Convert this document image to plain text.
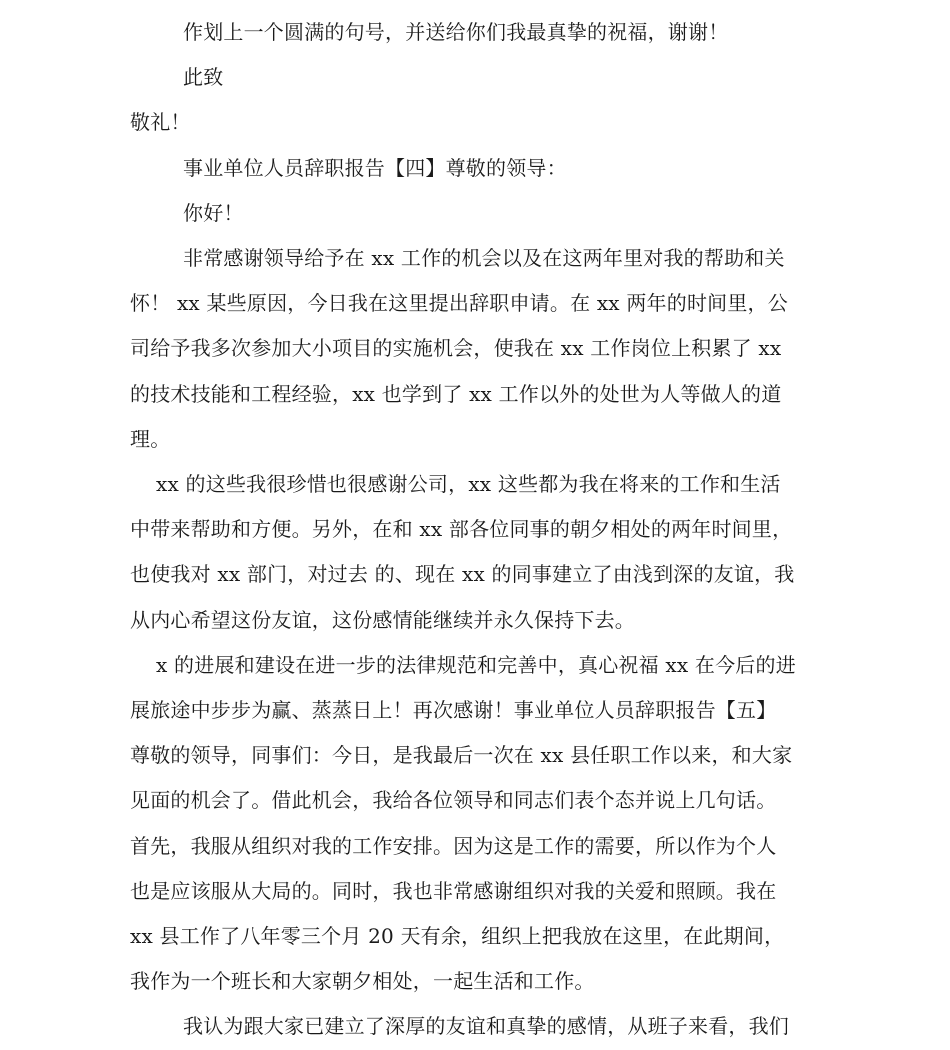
作划上一个圆满的句号，并送给你们我最真挚的祝福，谢谢！

此致

敬礼！

事业单位人员辞职报告【四】尊敬的领导：

你好！

非常感谢领导给予在 xx 工作的机会以及在这两年里对我的帮助和关
怀！ xx 某些原因，今日我在这里提出辞职申请。在 xx 两年的时间里，公
司给予我多次参加大小项目的实施机会，使我在 xx 工作岗位上积累了 xx
的技术技能和工程经验，xx 也学到了 xx 工作以外的处世为人等做人的道
理。

xx 的这些我很珍惜也很感谢公司，xx 这些都为我在将来的工作和生活
中带来帮助和方便。另外，在和 xx 部各位同事的朝夕相处的两年时间里，
也使我对 xx 部门，对过去 的、现在 xx 的同事建立了由浅到深的友谊，我
从内心希望这份友谊，这份感情能继续并永久保持下去。

x 的进展和建设在进一步的法律规范和完善中，真心祝福 xx 在今后的进
展旅途中步步为赢、蒸蒸日上！再次感谢！事业单位人员辞职报告【五】
尊敬的领导，同事们：今日，是我最后一次在 xx 县任职工作以来，和大家
见面的机会了。借此机会，我给各位领导和同志们表个态并说上几句话。
首先，我服从组织对我的工作安排。因为这是工作的需要，所以作为个人
也是应该服从大局的。同时，我也非常感谢组织对我的关爱和照顾。我在
xx 县工作了八年零三个月 20 天有余，组织上把我放在这里，在此期间，
我作为一个班长和大家朝夕相处，一起生活和工作。

我认为跟大家已建立了深厚的友谊和真挚的感情，从班子来看，我们
